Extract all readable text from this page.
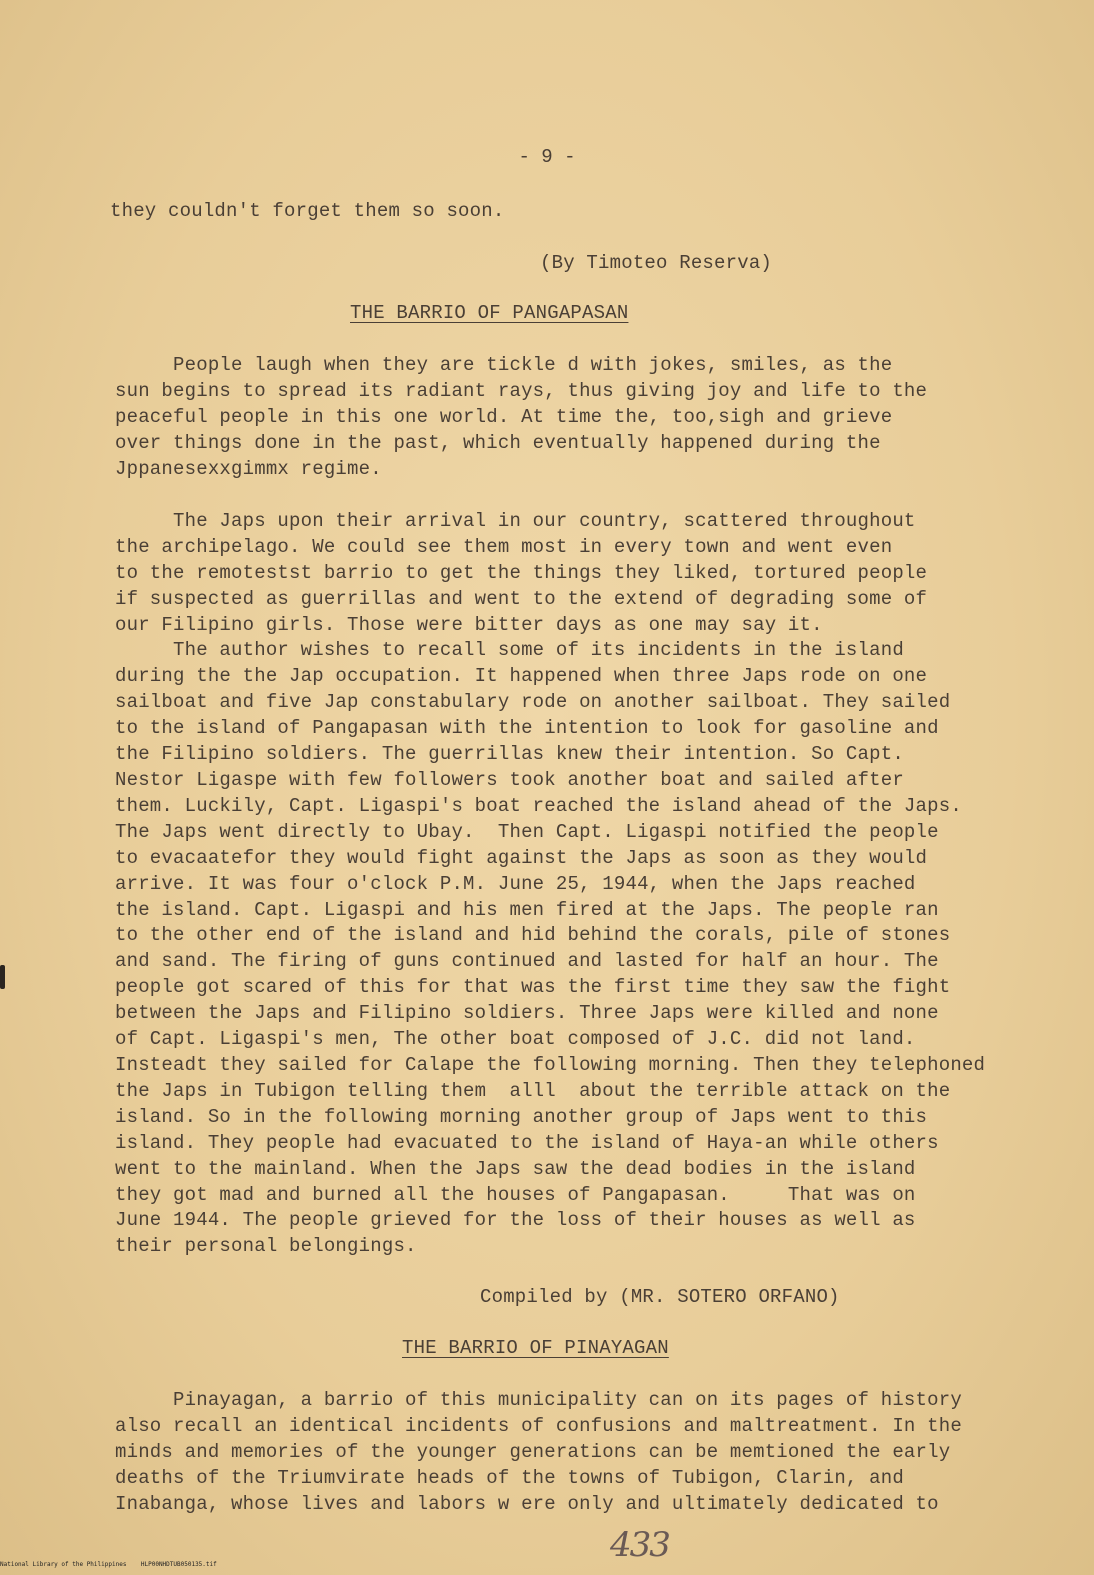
- 9 -
they couldn't forget them so soon.
(By Timoteo Reserva)
THE BARRIO OF PANGAPASAN
People laugh when they are tickle d with jokes, smiles, as the
sun begins to spread its radiant rays, thus giving joy and life to the
peaceful people in this one world. At time the, too,sigh and grieve
over things done in the past, which eventually happened during the
Jppanesexxgimmx regime.
The Japs upon their arrival in our country, scattered throughout
the archipelago. We could see them most in every town and went even
to the remotestst barrio to get the things they liked, tortured people
if suspected as guerrillas and went to the extend of degrading some of
our Filipino girls. Those were bitter days as one may say it.
The author wishes to recall some of its incidents in the island
during the the Jap occupation. It happened when three Japs rode on one
sailboat and five Jap constabulary rode on another sailboat. They sailed
to the island of Pangapasan with the intention to look for gasoline and
the Filipino soldiers. The guerrillas knew their intention. So Capt.
Nestor Ligaspe with few followers took another boat and sailed after
them. Luckily, Capt. Ligaspi's boat reached the island ahead of the Japs.
The Japs went directly to Ubay.  Then Capt. Ligaspi notified the people
to evacaatefor they would fight against the Japs as soon as they would
arrive. It was four o'clock P.M. June 25, 1944, when the Japs reached
the island. Capt. Ligaspi and his men fired at the Japs. The people ran
to the other end of the island and hid behind the corals, pile of stones
and sand. The firing of guns continued and lasted for half an hour. The
people got scared of this for that was the first time they saw the fight
between the Japs and Filipino soldiers. Three Japs were killed and none
of Capt. Ligaspi's men, The other boat composed of J.C. did not land.
Insteadt they sailed for Calape the following morning. Then they telephoned
the Japs in Tubigon telling them  alll  about the terrible attack on the
island. So in the following morning another group of Japs went to this
island. They people had evacuated to the island of Haya-an while others
went to the mainland. When the Japs saw the dead bodies in the island
they got mad and burned all the houses of Pangapasan.     That was on
June 1944. The people grieved for the loss of their houses as well as
their personal belongings.
Compiled by (MR. SOTERO ORFANO)
THE BARRIO OF PINAYAGAN
Pinayagan, a barrio of this municipality can on its pages of history
also recall an identical incidents of confusions and maltreatment. In the
minds and memories of the younger generations can be memtioned the early
deaths of the Triumvirate heads of the towns of Tubigon, Clarin, and
Inabanga, whose lives and labors w ere only and ultimately dedicated to
433
National Library of the Philippines    HLP00NHDTUB050135.tif
